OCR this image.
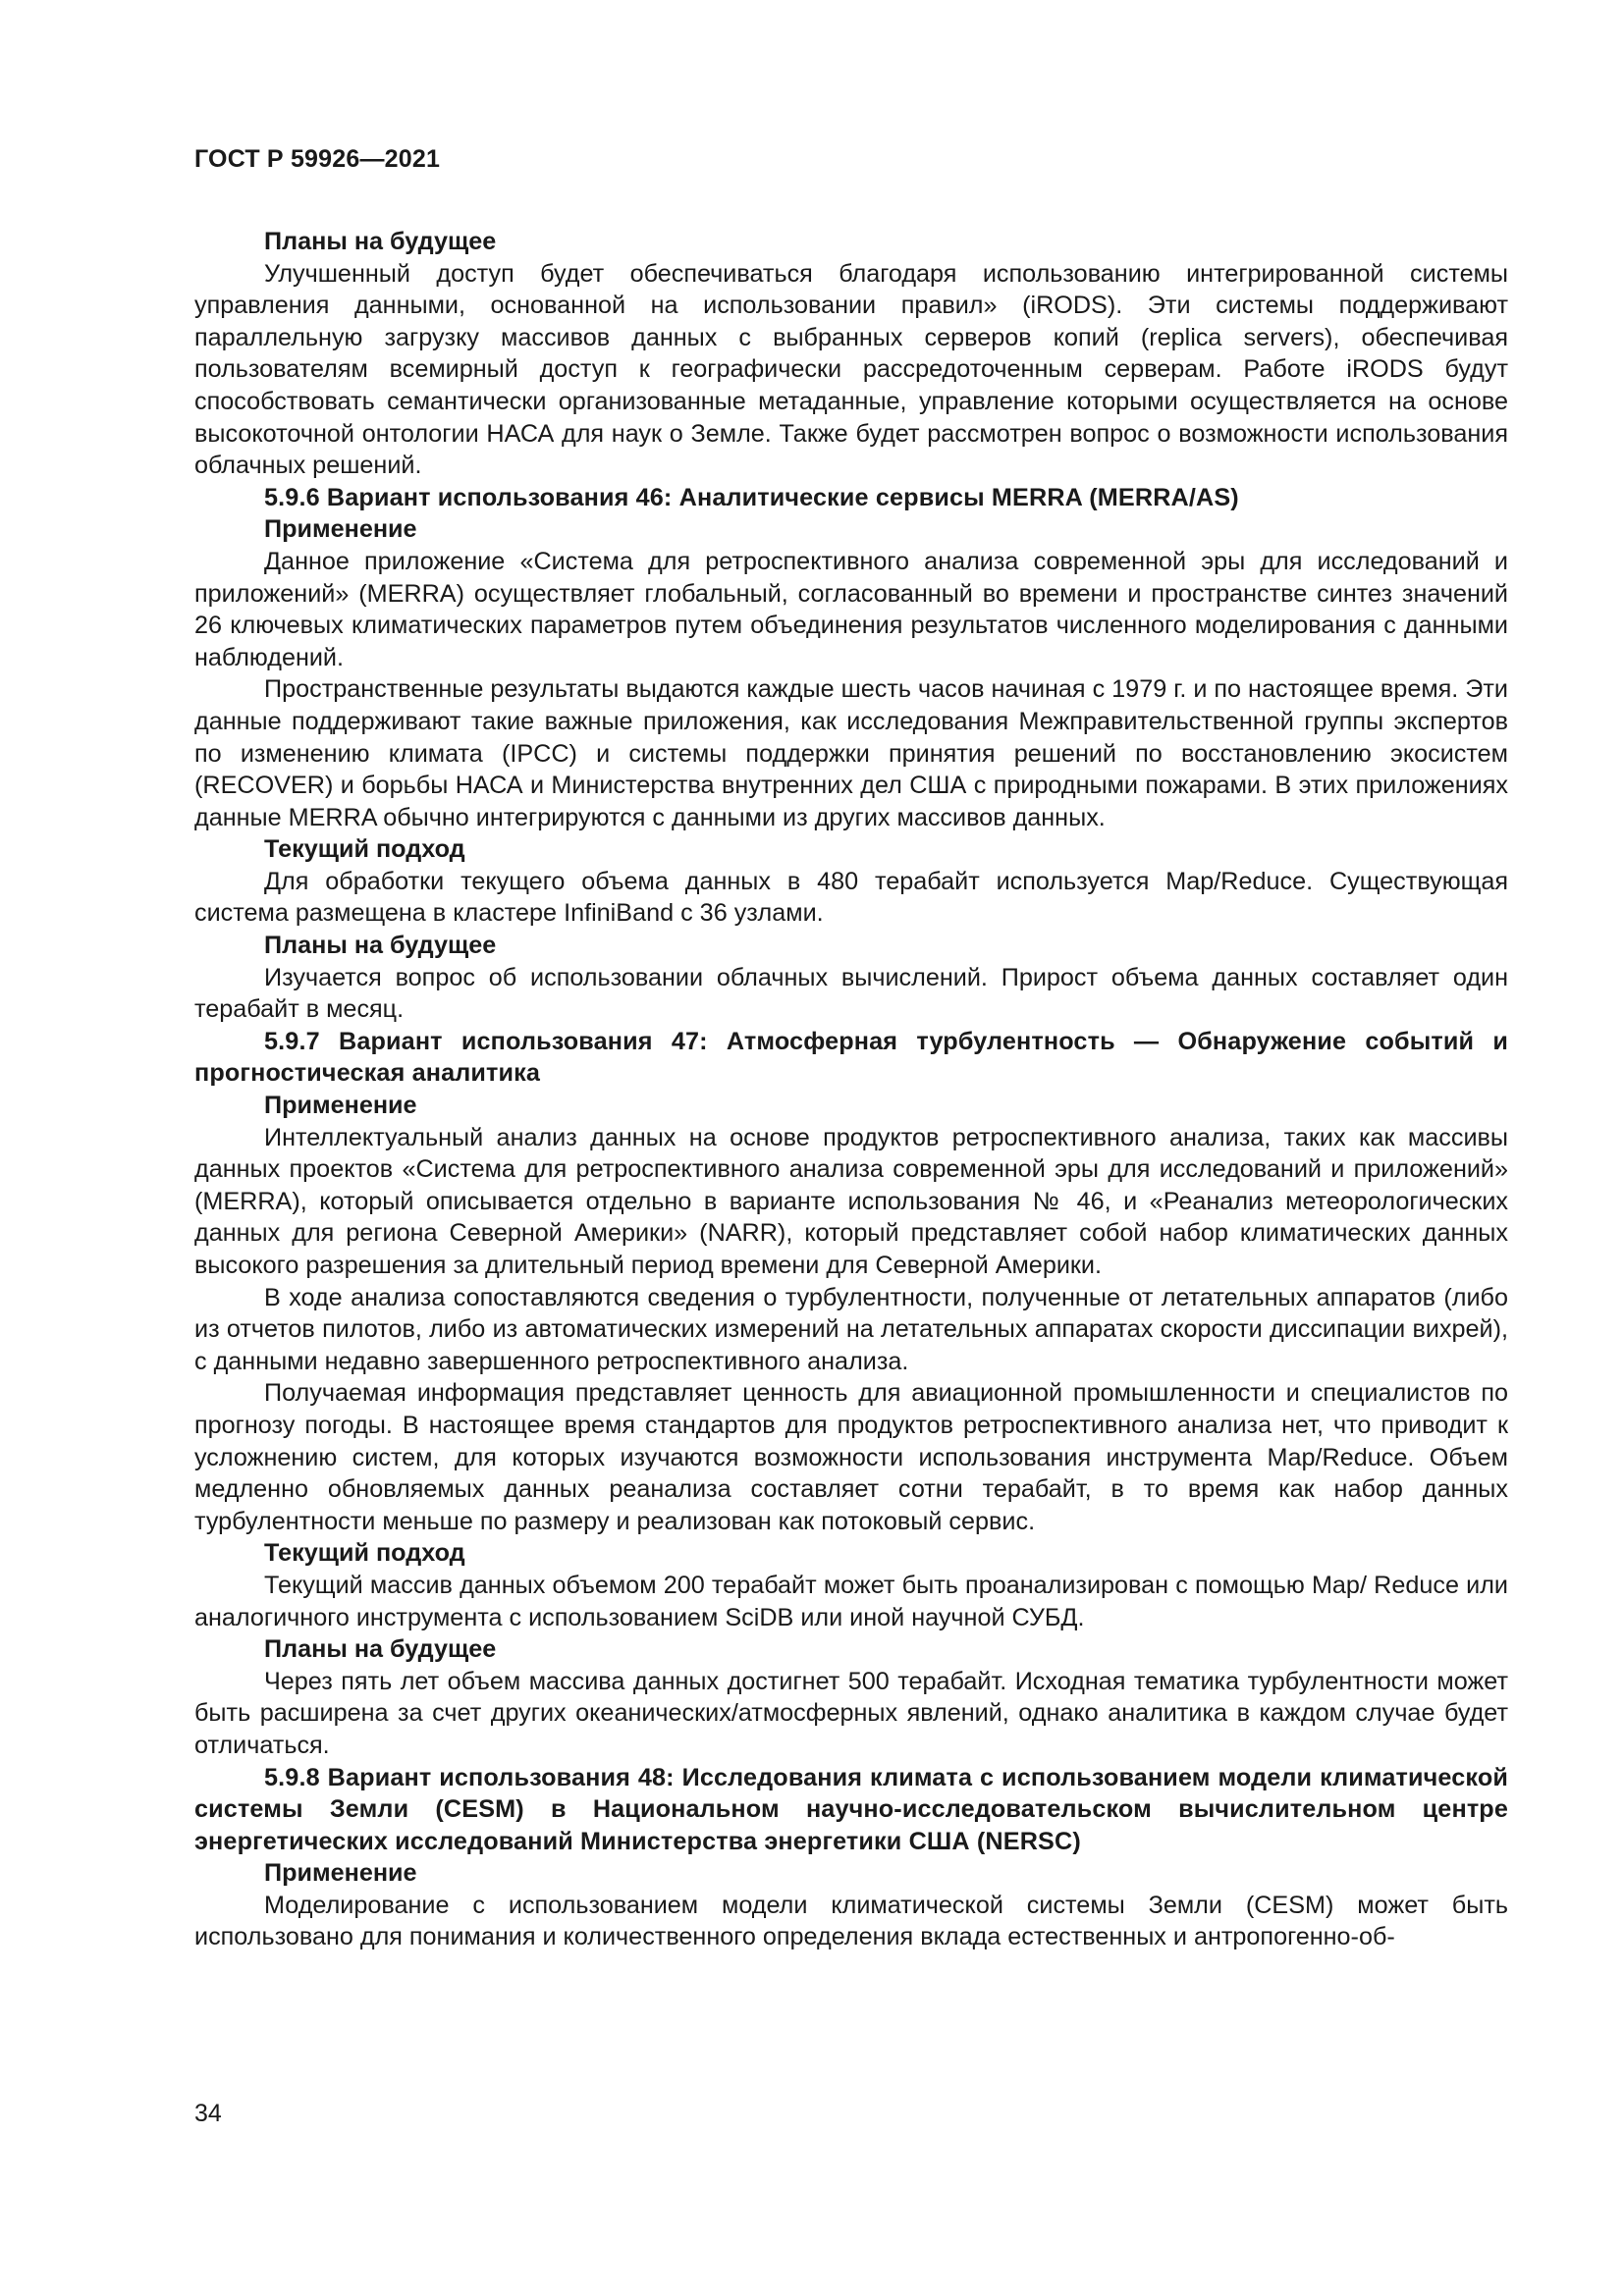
ГОСТ Р 59926—2021

Планы на будущее

Улучшенный доступ будет обеспечиваться благодаря использованию интегрированной системы управления данными, основанной на использовании правил» (iRODS). Эти системы поддерживают параллельную загрузку массивов данных с выбранных серверов копий (replica servers), обеспечивая пользователям всемирный доступ к географически рассредоточенным серверам. Работе iRODS будут способствовать семантически организованные метаданные, управление которыми осуществляется на основе высокоточной онтологии НАСА для наук о Земле. Также будет рассмотрен вопрос о возможности использования облачных решений.

5.9.6 Вариант использования 46: Аналитические сервисы MERRA (MERRA/AS)

Применение

Данное приложение «Система для ретроспективного анализа современной эры для исследований и приложений» (MERRA) осуществляет глобальный, согласованный во времени и пространстве синтез значений 26 ключевых климатических параметров путем объединения результатов численного моделирования с данными наблюдений.

Пространственные результаты выдаются каждые шесть часов начиная с 1979 г. и по настоящее время. Эти данные поддерживают такие важные приложения, как исследования Межправительственной группы экспертов по изменению климата (IPCC) и системы поддержки принятия решений по восстановлению экосистем (RECOVER) и борьбы НАСА и Министерства внутренних дел США с природными пожарами. В этих приложениях данные MERRA обычно интегрируются с данными из других массивов данных.

Текущий подход

Для обработки текущего объема данных в 480 терабайт используется Map/Reduce. Существующая система размещена в кластере InfiniBand с 36 узлами.

Планы на будущее

Изучается вопрос об использовании облачных вычислений. Прирост объема данных составляет один терабайт в месяц.

5.9.7 Вариант использования 47: Атмосферная турбулентность — Обнаружение событий и прогностическая аналитика

Применение

Интеллектуальный анализ данных на основе продуктов ретроспективного анализа, таких как массивы данных проектов «Система для ретроспективного анализа современной эры для исследований и приложений» (MERRA), который описывается отдельно в варианте использования № 46, и «Реанализ метеорологических данных для региона Северной Америки» (NARR), который представляет собой набор климатических данных высокого разрешения за длительный период времени для Северной Америки.

В ходе анализа сопоставляются сведения о турбулентности, полученные от летательных аппаратов (либо из отчетов пилотов, либо из автоматических измерений на летательных аппаратах скорости диссипации вихрей), с данными недавно завершенного ретроспективного анализа.

Получаемая информация представляет ценность для авиационной промышленности и специалистов по прогнозу погоды. В настоящее время стандартов для продуктов ретроспективного анализа нет, что приводит к усложнению систем, для которых изучаются возможности использования инструмента Map/Reduce. Объем медленно обновляемых данных реанализа составляет сотни терабайт, в то время как набор данных турбулентности меньше по размеру и реализован как потоковый сервис.

Текущий подход

Текущий массив данных объемом 200 терабайт может быть проанализирован с помощью Map/ Reduce или аналогичного инструмента с использованием SciDB или иной научной СУБД.

Планы на будущее

Через пять лет объем массива данных достигнет 500 терабайт. Исходная тематика турбулентности может быть расширена за счет других океанических/атмосферных явлений, однако аналитика в каждом случае будет отличаться.

5.9.8 Вариант использования 48: Исследования климата с использованием модели климатической системы Земли (CESM) в Национальном научно-исследовательском вычислительном центре энергетических исследований Министерства энергетики США (NERSC)

Применение

Моделирование с использованием модели климатической системы Земли (CESM) может быть использовано для понимания и количественного определения вклада естественных и антропогенно-об-

34
